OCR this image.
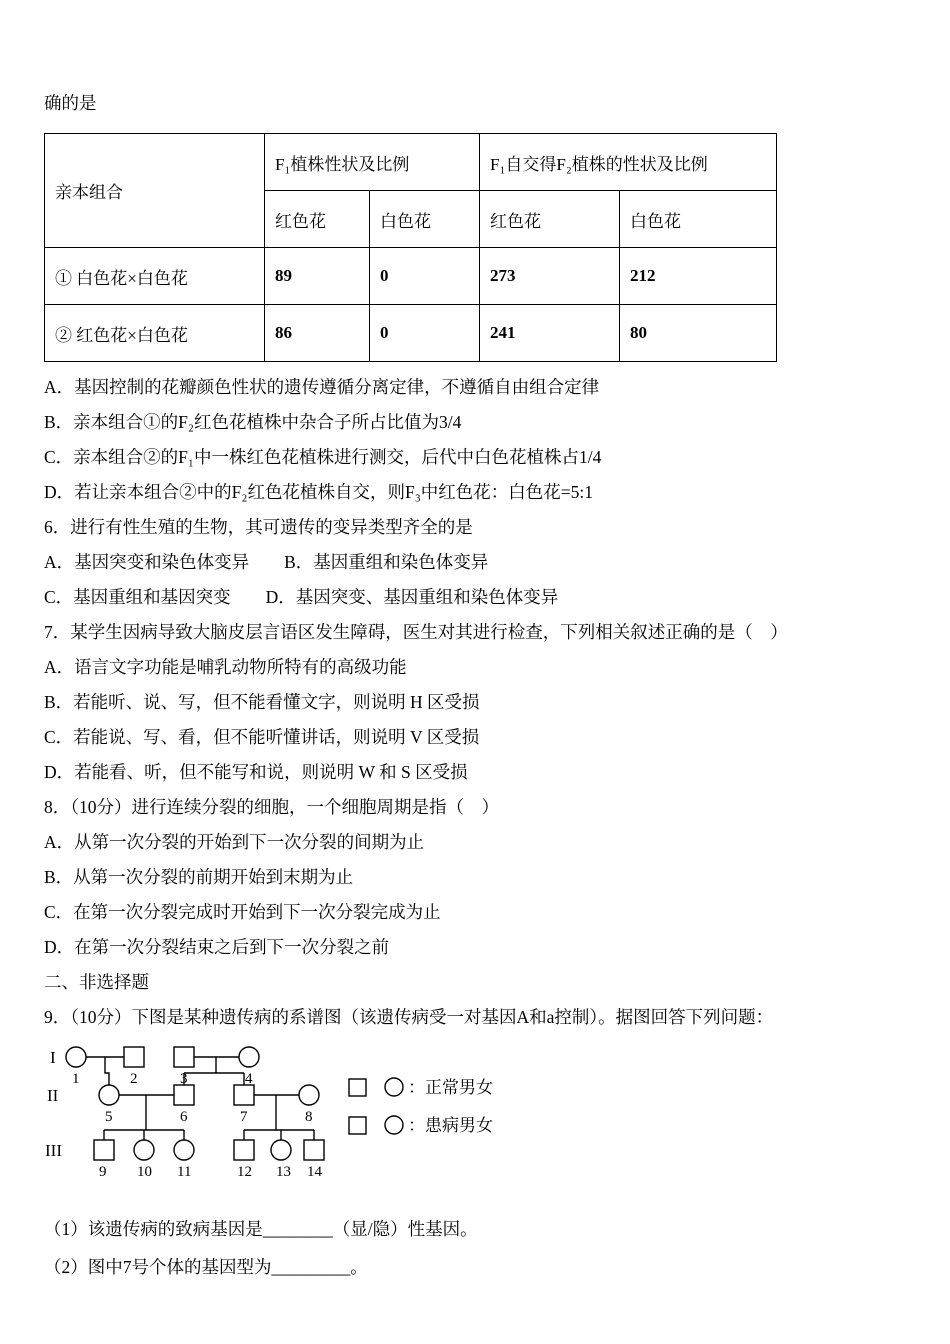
确的是

亲本组合	F₁植株性状及比例		F₁自交得F₂植株的性状及比例	
	红色花	白色花	红色花	白色花
① 白色花×白色花	89	0	273	212
② 红色花×白色花	86	0	241	80

A．基因控制的花瓣颜色性状的遗传遵循分离定律，不遵循自由组合定律

B．亲本组合①的F₂红色花植株中杂合子所占比值为3/4

C．亲本组合②的F₁中一株红色花植株进行测交，后代中白色花植株占1/4

D．若让亲本组合②中的F₂红色花植株自交，则F₃中红色花：白色花=5:1

6．进行有性生殖的生物，其可遗传的变异类型齐全的是

A．基因突变和染色体变异　　B．基因重组和染色体变异

C．基因重组和基因突变　　D．基因突变、基因重组和染色体变异

7．某学生因病导致大脑皮层言语区发生障碍，医生对其进行检查，下列相关叙述正确的是（　）

A．语言文字功能是哺乳动物所特有的高级功能

B．若能听、说、写，但不能看懂文字，则说明 H 区受损

C．若能说、写、看，但不能听懂讲话，则说明 V 区受损

D．若能看、听，但不能写和说，则说明 W 和 S 区受损

8．（10分）进行连续分裂的细胞，一个细胞周期是指（　）

A．从第一次分裂的开始到下一次分裂的间期为止

B．从第一次分裂的前期开始到末期为止

C．在第一次分裂完成时开始到下一次分裂完成为止

D．在第一次分裂结束之后到下一次分裂之前

二、非选择题

9．（10分）下图是某种遗传病的系谱图（该遗传病受一对基因A和a控制）。据图回答下列问题：

I
II
III
1	2	3	4
5	6	7	8
9 10 11	12 13 14
：正常男女
：患病男女

（1）该遗传病的致病基因是________（显/隐）性基因。

（2）图中7号个体的基因型为_________。
